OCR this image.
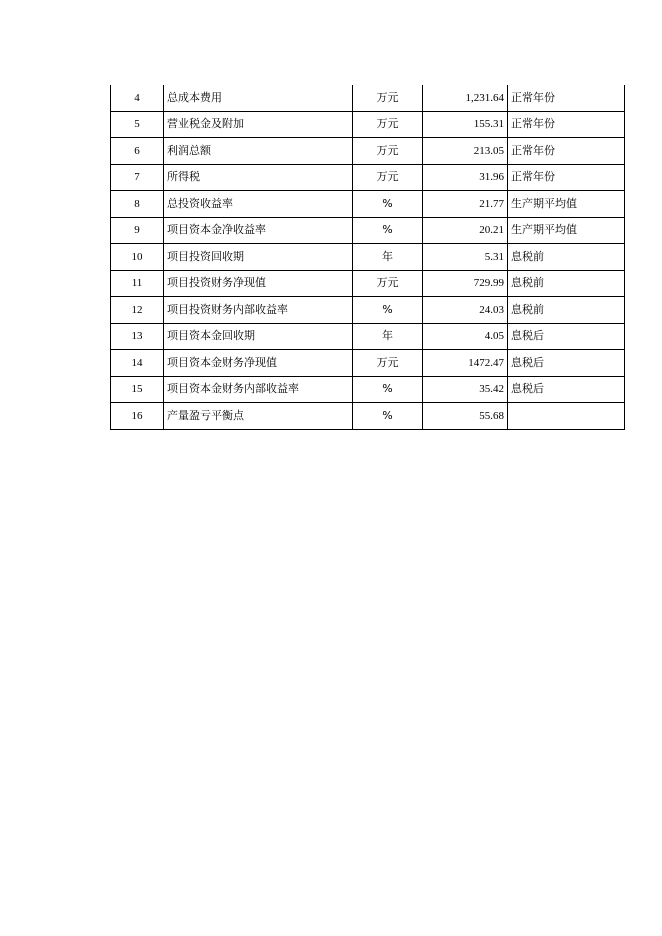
4	总成本费用	万元	1,231.64	正常年份
5	营业税金及附加	万元	155.31	正常年份
6	利润总额	万元	213.05	正常年份
7	所得税	万元	31.96	正常年份
8	总投资收益率	%	21.77	生产期平均值
9	项目资本金净收益率	%	20.21	生产期平均值
10	项目投资回收期	年	5.31	息税前
11	项目投资财务净现值	万元	729.99	息税前
12	项目投资财务内部收益率	%	24.03	息税前
13	项目资本金回收期	年	4.05	息税后
14	项目资本金财务净现值	万元	1472.47	息税后
15	项目资本金财务内部收益率	%	35.42	息税后
16	产量盈亏平衡点	%	55.68	
